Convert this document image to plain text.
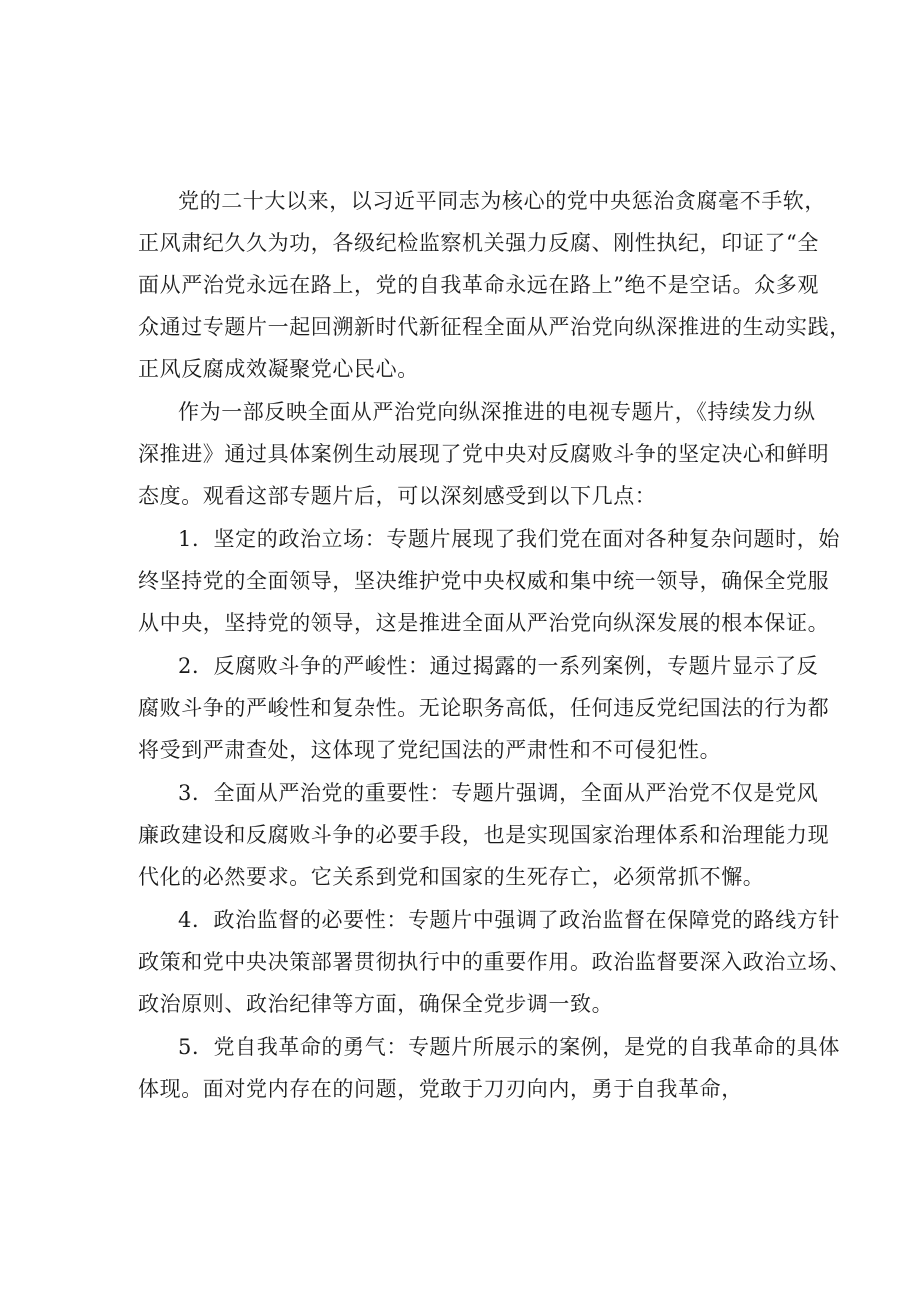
党的二十大以来，以习近平同志为核心的党中央惩治贪腐毫不手软，
正风肃纪久久为功，各级纪检监察机关强力反腐、刚性执纪，印证了“全
面从严治党永远在路上，党的自我革命永远在路上”绝不是空话。众多观
众通过专题片一起回溯新时代新征程全面从严治党向纵深推进的生动实践，
正风反腐成效凝聚党心民心。
作为一部反映全面从严治党向纵深推进的电视专题片，《持续发力纵
深推进》通过具体案例生动展现了党中央对反腐败斗争的坚定决心和鲜明
态度。观看这部专题片后，可以深刻感受到以下几点：
1．坚定的政治立场：专题片展现了我们党在面对各种复杂问题时，始
终坚持党的全面领导，坚决维护党中央权威和集中统一领导，确保全党服
从中央，坚持党的领导，这是推进全面从严治党向纵深发展的根本保证。
2．反腐败斗争的严峻性：通过揭露的一系列案例，专题片显示了反
腐败斗争的严峻性和复杂性。无论职务高低，任何违反党纪国法的行为都
将受到严肃查处，这体现了党纪国法的严肃性和不可侵犯性。
3．全面从严治党的重要性：专题片强调，全面从严治党不仅是党风
廉政建设和反腐败斗争的必要手段，也是实现国家治理体系和治理能力现
代化的必然要求。它关系到党和国家的生死存亡，必须常抓不懈。
4．政治监督的必要性：专题片中强调了政治监督在保障党的路线方针
政策和党中央决策部署贯彻执行中的重要作用。政治监督要深入政治立场、
政治原则、政治纪律等方面，确保全党步调一致。
5．党自我革命的勇气：专题片所展示的案例，是党的自我革命的具体
体现。面对党内存在的问题，党敢于刀刃向内，勇于自我革命，
